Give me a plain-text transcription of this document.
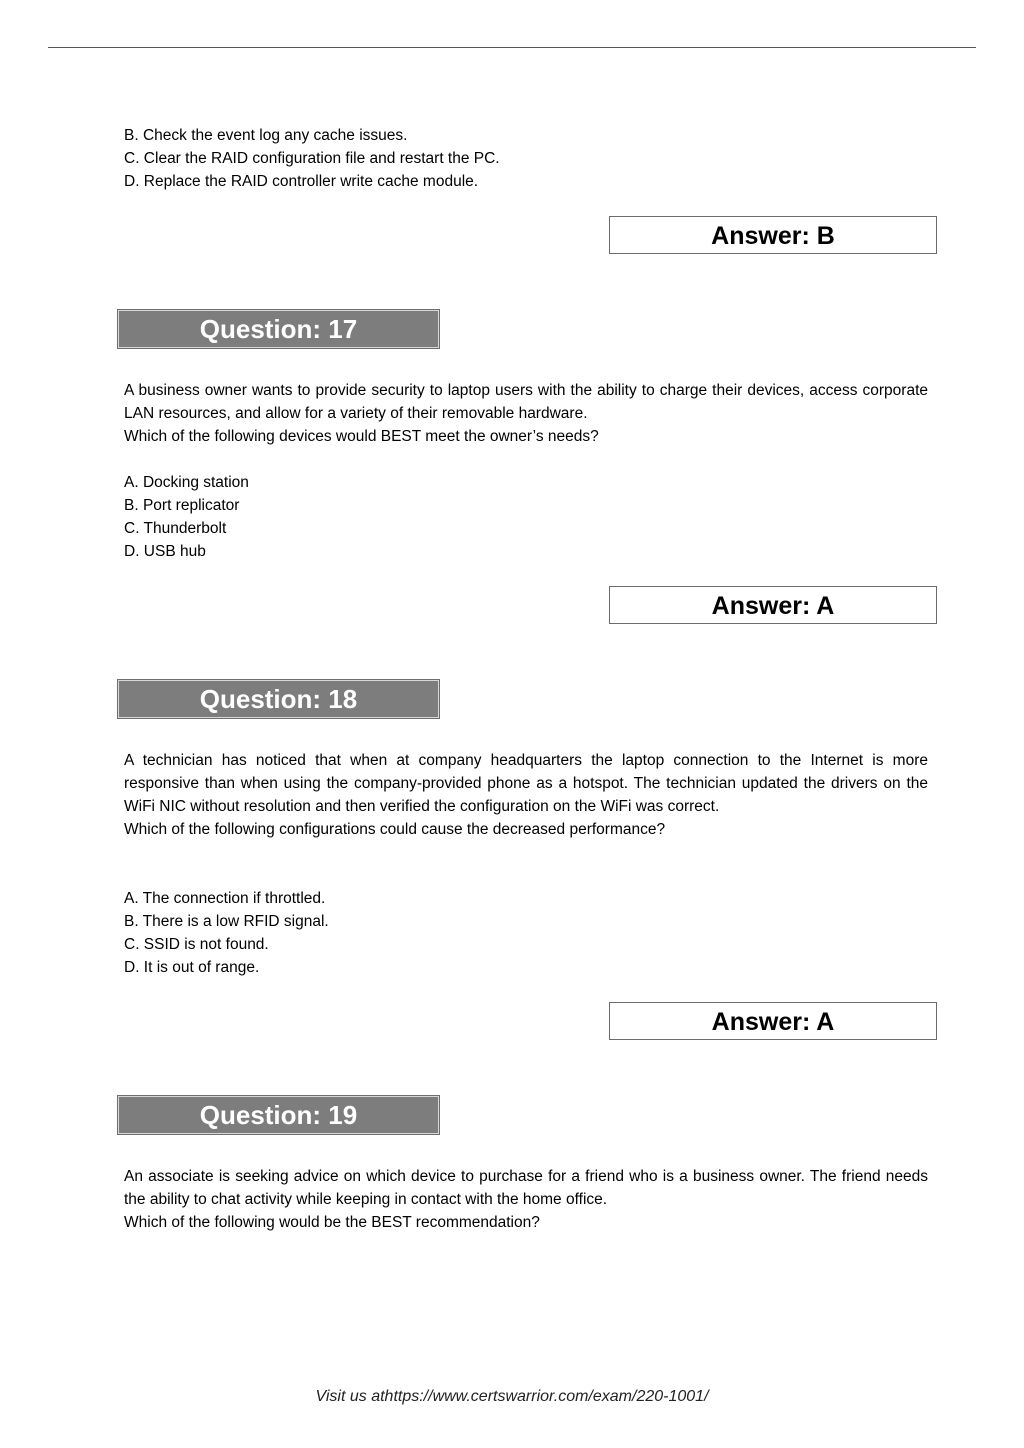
B. Check the event log any cache issues.
C. Clear the RAID configuration file and restart the PC.
D. Replace the RAID controller write cache module.
Answer: B
Question: 17

A business owner wants to provide security to laptop users with the ability to charge their devices, access corporate LAN resources, and allow for a variety of their removable hardware.

Which of the following devices would BEST meet the owner’s needs?

A. Docking station
B. Port replicator
C. Thunderbolt
D. USB hub
Answer: A
Question: 18

A technician has noticed that when at company headquarters the laptop connection to the Internet is more responsive than when using the company-provided phone as a hotspot. The technician updated the drivers on the WiFi NIC without resolution and then verified the configuration on the WiFi was correct.

Which of the following configurations could cause the decreased performance?

A. The connection if throttled.
B. There is a low RFID signal.
C. SSID is not found.
D. It is out of range.
Answer: A
Question: 19

An associate is seeking advice on which device to purchase for a friend who is a business owner. The friend needs the ability to chat activity while keeping in contact with the home office.

Which of the following would be the BEST recommendation?

Visit us athttps://www.certswarrior.com/exam/220-1001/
